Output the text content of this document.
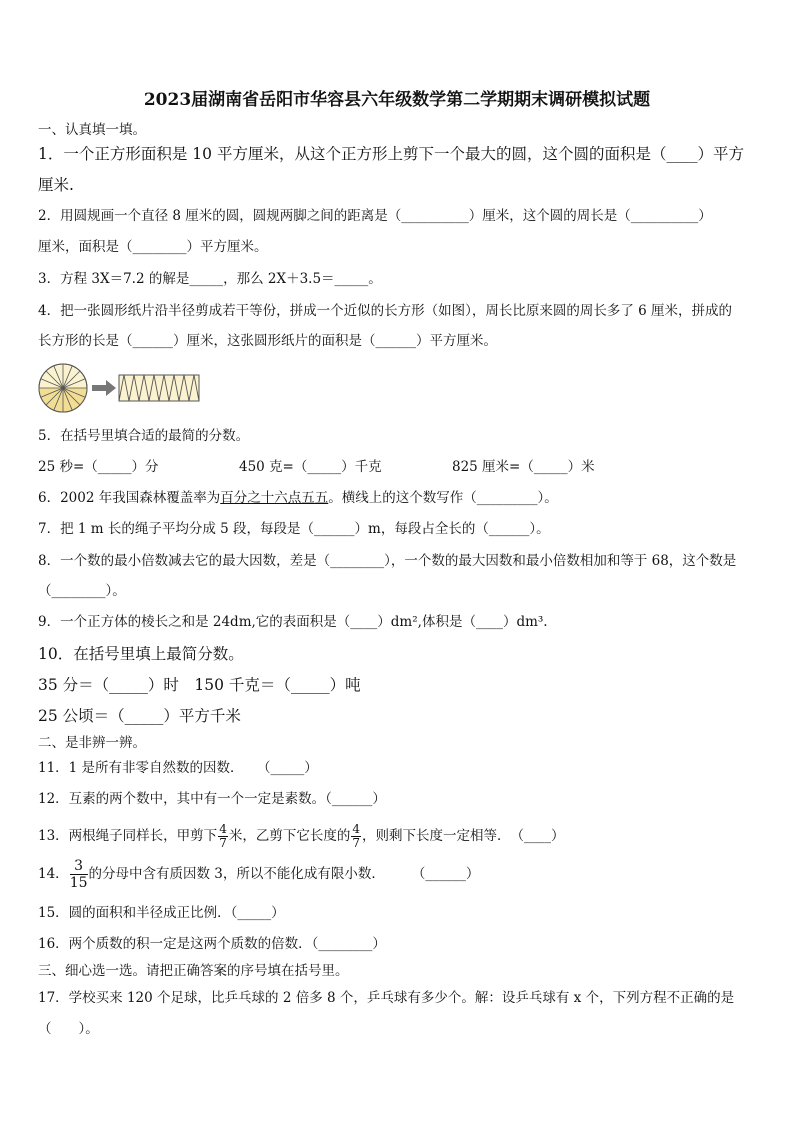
2023届湖南省岳阳市华容县六年级数学第二学期期末调研模拟试题
一、认真填一填。
1．一个正方形面积是 10 平方厘米，从这个正方形上剪下一个最大的圆，这个圆的面积是（____）平方
厘米.
2．用圆规画一个直径 8 厘米的圆，圆规两脚之间的距离是（__________）厘米，这个圆的周长是（__________）
厘米，面积是（________）平方厘米。
3．方程 3X＝7.2 的解是_____，那么 2X＋3.5＝_____。
4．把一张圆形纸片沿半径剪成若干等份，拼成一个近似的长方形（如图），周长比原来圆的周长多了 6 厘米，拼成的
长方形的长是（______）厘米，这张圆形纸片的面积是（______）平方厘米。
5．在括号里填合适的最简的分数。
25 秒=（_____）分	450 克=（_____）千克	825 厘米=（_____）米
6．2002 年我国森林覆盖率为百分之十六点五五。横线上的这个数写作（_________）。
7．把 1 m 长的绳子平均分成 5 段，每段是（______）m，每段占全长的（______）。
8．一个数的最小倍数减去它的最大因数，差是（________），一个数的最大因数和最小倍数相加和等于 68，这个数是
（________）。
9．一个正方体的棱长之和是 24dm,它的表面积是（____）dm²,体积是（____）dm³.
10．在括号里填上最简分数。
35 分＝（_____）时　150 千克＝（_____）吨
25 公顷＝（_____）平方千米
二、是非辨一辨。
11．1 是所有非零自然数的因数．　　（_____）
12．互素的两个数中，其中有一个一定是素数。（______）
13．两根绳子同样长，甲剪下 $\frac{4}{7}$ 米，乙剪下它长度的 $\frac{4}{7}$ ，则剩下长度一定相等．　（____）
14． $\frac{3}{15}$ 的分母中含有质因数 3，所以不能化成有限小数．　　　（______）
15．圆的面积和半径成正比例．（_____）
16．两个质数的积一定是这两个质数的倍数．（________）
三、细心选一选。请把正确答案的序号填在括号里。
17．学校买来 120 个足球，比乒乓球的 2 倍多 8 个，乒乓球有多少个。解：设乒乓球有 x 个，下列方程不正确的是
（　　）。
